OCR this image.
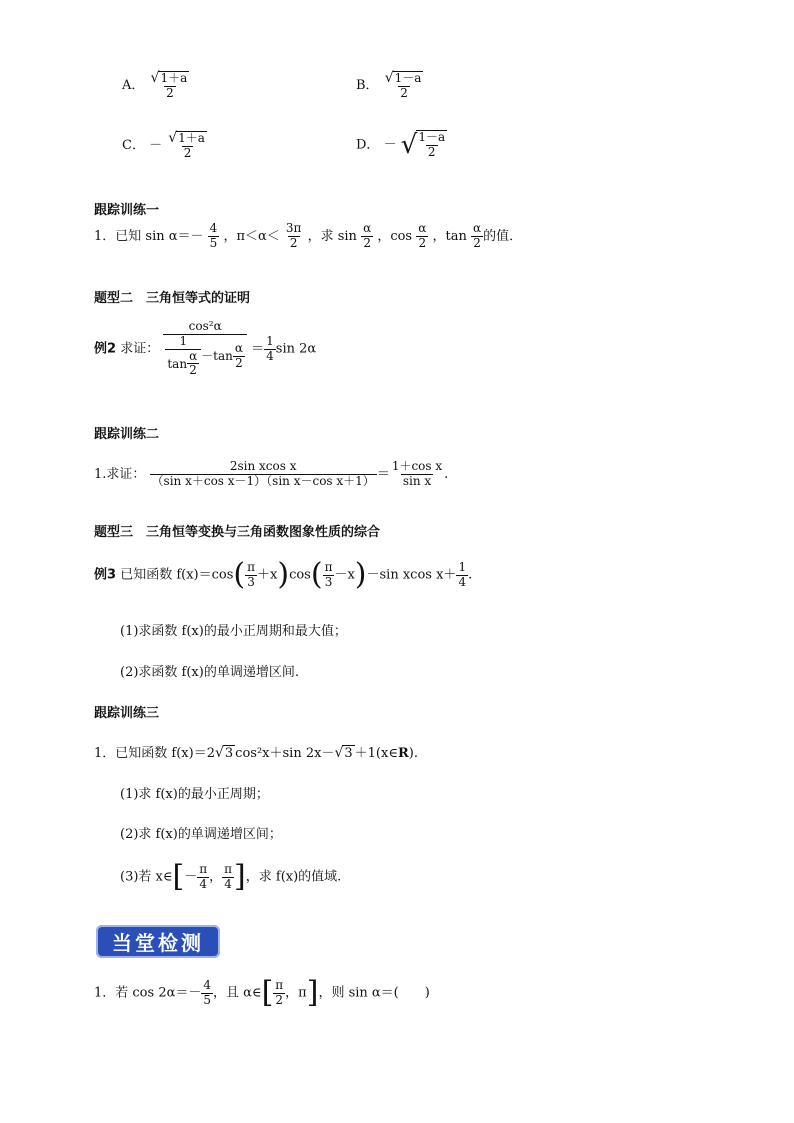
A． $\frac{√1+a}{2}$	B． $\frac{√1-a}{2}$
C． － $\frac{√1+a}{2}$	D． － √ $\frac{1-a}{2}$
跟踪训练一
1．已知 $\sin \alpha=- \frac{4}{5}$ ，$\pi<\alpha< \frac{3\pi}{2}$ ，求 $\sin \frac{\alpha}{2}$ ，$\cos \frac{\alpha}{2}$ ，$\tan \frac{\alpha}{2}$ 的值．
题型二　三角恒等式的证明
例2 求证： $\frac{\text{cos²α}}{\frac{1}{\tan \frac{\alpha}{2}} -\tan \frac{\alpha}{2}} = \frac{1}{4}$ sin 2α
跟踪训练二
1.求证： $\frac{\text{2sin xcos x}}{\text{（sin x＋cos x－1）（sin x－cos x＋1）}} = \frac{\text{1＋cos x}}{\text{sin x}}$ .
题型三　三角恒等变换与三角函数图象性质的综合
例3 已知函数 $f(x)=\cos( \frac{\pi}{3} +x)\cos( \frac{\pi}{3} -x)-\sin$ xcos $x+ \frac{1}{4}$ .
(1)求函数 f(x)的最小正周期和最大值；
(2)求函数 f(x)的单调递增区间.
跟踪训练三
1．已知函数 f(x)＝2√3 cos²x＋sin 2x－√3 ＋1(x∈R).
(1)求 f(x)的最小正周期；
(2)求 f(x)的单调递增区间；
(3)若 x∈[－ $\frac{\pi}{4}$ ， $\frac{\pi}{4}$ ]，求 f(x)的值域.
当堂检测
1．若 $\cos 2\alpha=- \frac{4}{5}$ ，且 α∈[ $\frac{\pi}{2}$ ，π]，则 sin α＝(　　)
